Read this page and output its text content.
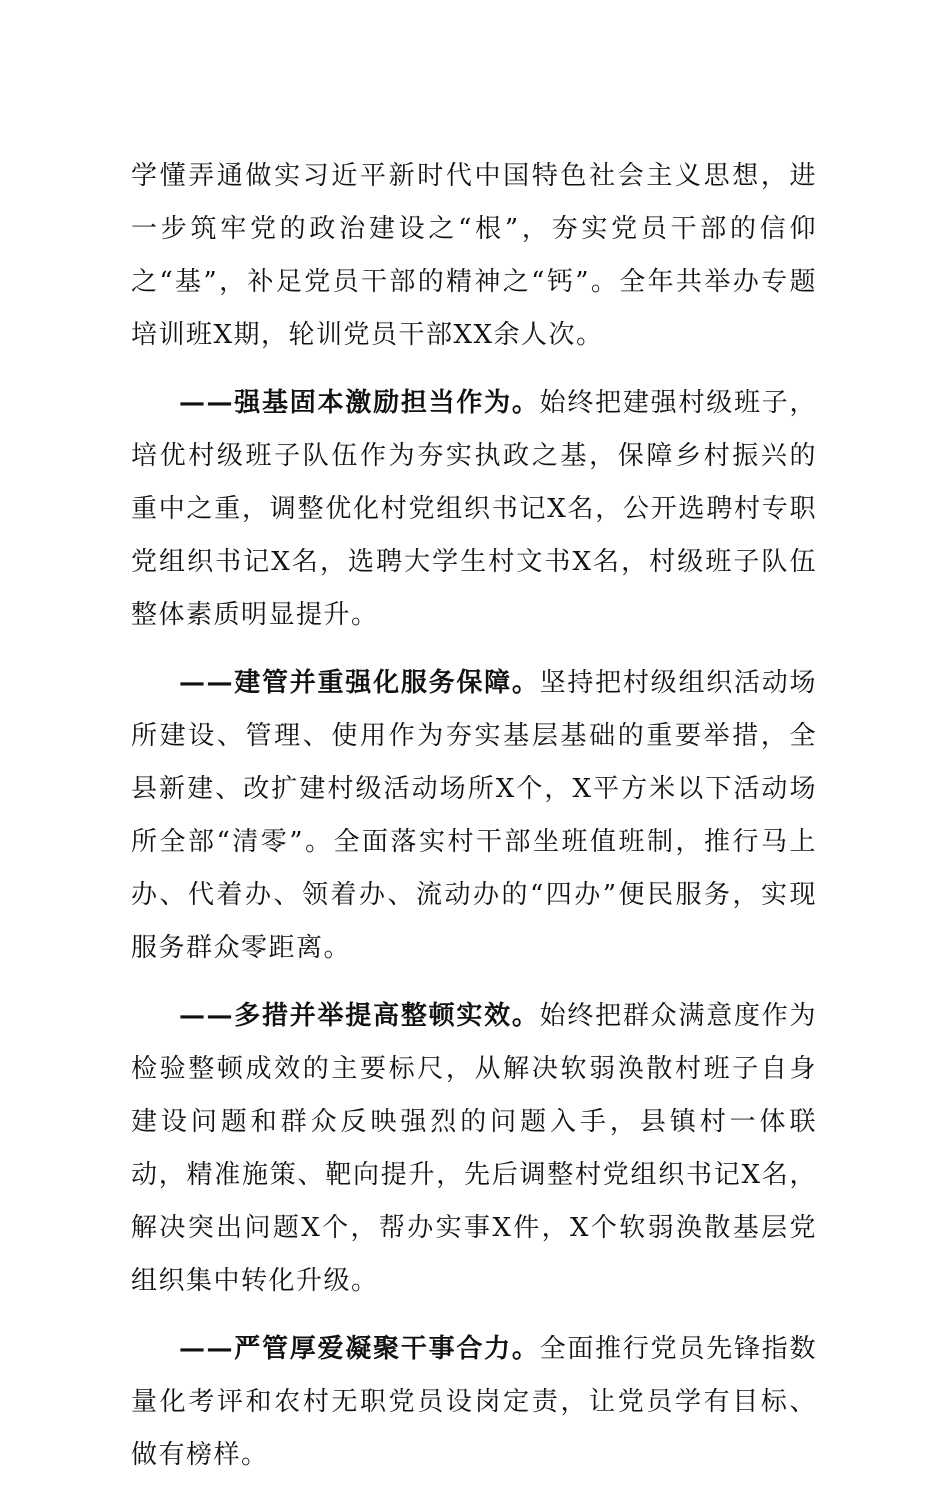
学懂弄通做实习近平新时代中国特色社会主义思想，进一步筑牢党的政治建设之“根”，夯实党员干部的信仰之“基”，补足党员干部的精神之“钙”。全年共举办专题培训班X期，轮训党员干部XX余人次。

——强基固本激励担当作为。始终把建强村级班子，培优村级班子队伍作为夯实执政之基，保障乡村振兴的重中之重，调整优化村党组织书记X名，公开选聘村专职党组织书记X名，选聘大学生村文书X名，村级班子队伍整体素质明显提升。

——建管并重强化服务保障。坚持把村级组织活动场所建设、管理、使用作为夯实基层基础的重要举措，全县新建、改扩建村级活动场所X个，X平方米以下活动场所全部“清零”。全面落实村干部坐班值班制，推行马上办、代着办、领着办、流动办的“四办”便民服务，实现服务群众零距离。

——多措并举提高整顿实效。始终把群众满意度作为检验整顿成效的主要标尺，从解决软弱涣散村班子自身建设问题和群众反映强烈的问题入手，县镇村一体联动，精准施策、靶向提升，先后调整村党组织书记X名，解决突出问题X个，帮办实事X件，X个软弱涣散基层党组织集中转化升级。

——严管厚爱凝聚干事合力。全面推行党员先锋指数量化考评和农村无职党员设岗定责，让党员学有目标、做有榜样。
